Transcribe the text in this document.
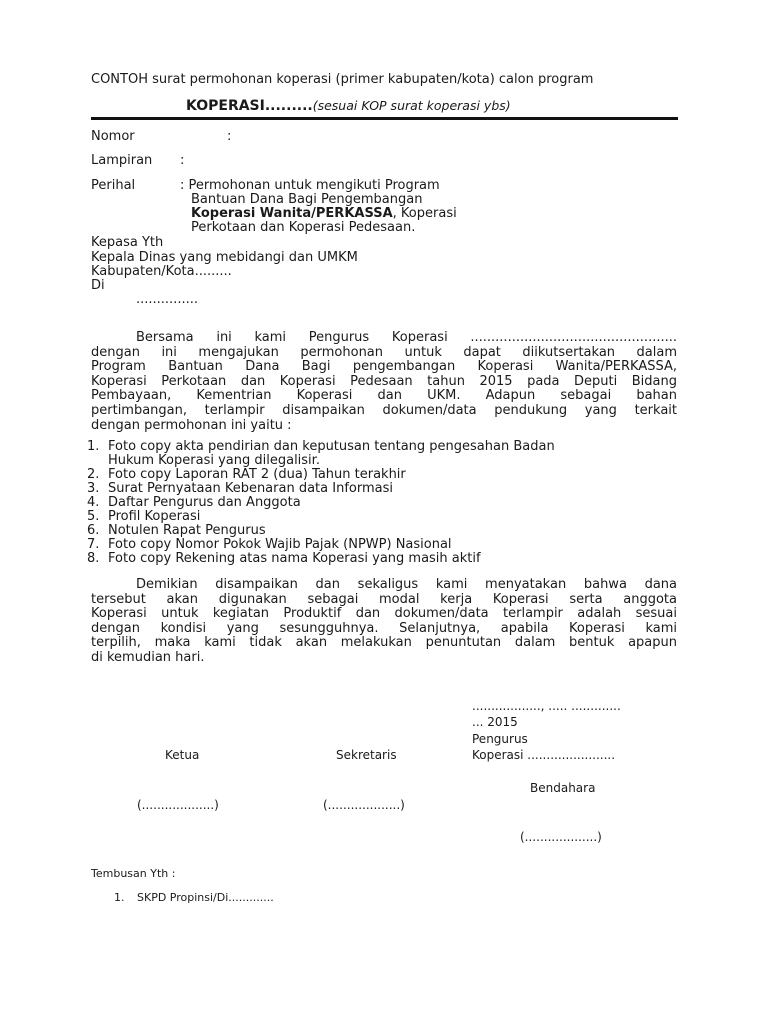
CONTOH surat permohonan koperasi (primer kabupaten/kota) calon program
KOPERASI.........(sesuai KOP surat koperasi ybs)
Nomor	:
Lampiran :
Perihal	: Permohonan untuk mengikuti Program
Bantuan Dana Bagi Pengembangan
Koperasi Wanita/PERKASSA, Koperasi
Perkotaan dan Koperasi Pedesaan.
Kepasa Yth
Kepala Dinas yang mebidangi dan UMKM
Kabupaten/Kota.........
Di
...............
Bersama ini kami Pengurus Koperasi ..................................................
dengan ini mengajukan permohonan untuk dapat diikutsertakan dalam
Program Bantuan Dana Bagi pengembangan Koperasi Wanita/PERKASSA,
Koperasi Perkotaan dan Koperasi Pedesaan tahun 2015 pada Deputi Bidang
Pembayaan, Kementrian Koperasi dan UKM. Adapun sebagai bahan
pertimbangan, terlampir disampaikan dokumen/data pendukung yang terkait
dengan permohonan ini yaitu :
1. Foto copy akta pendirian dan keputusan tentang pengesahan Badan
Hukum Koperasi yang dilegalisir.
2. Foto copy Laporan RAT 2 (dua) Tahun terakhir
3. Surat Pernyataan Kebenaran data Informasi
4. Daftar Pengurus dan Anggota
5. Profil Koperasi
6. Notulen Rapat Pengurus
7. Foto copy Nomor Pokok Wajib Pajak (NPWP) Nasional
8. Foto copy Rekening atas nama Koperasi yang masih aktif
Demikian disampaikan dan sekaligus kami menyatakan bahwa dana
tersebut akan digunakan sebagai modal kerja Koperasi serta anggota
Koperasi untuk kegiatan Produktif dan dokumen/data terlampir adalah sesuai
dengan kondisi yang sesungguhnya. Selanjutnya, apabila Koperasi kami
terpilih, maka kami tidak akan melakukan penuntutan dalam bentuk apapun
di kemudian hari.
.................., ..... .............
... 2015
Pengurus
Koperasi .......................
Ketua	Sekretaris
Bendahara
(...................)	(...................)
(...................)
Tembusan Yth :
1. SKPD Propinsi/Di.............
